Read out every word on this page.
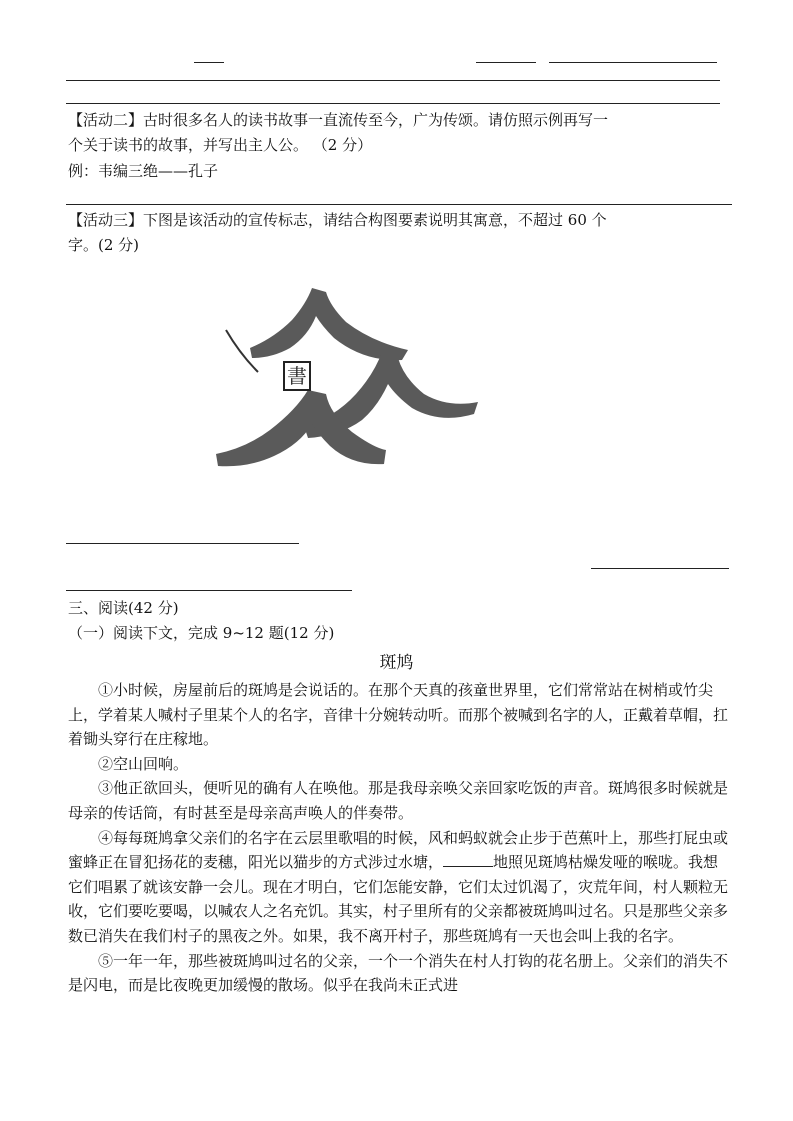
【活动二】古时很多名人的读书故事一直流传至今，广为传颂。请仿照示例再写一
个关于读书的故事，并写出主人公。 （2 分）
例：韦编三绝——孔子
【活动三】下图是该活动的宣传标志，请结合构图要素说明其寓意，不超过 60 个
字。(2 分)
書
三、阅读(42 分)
（一）阅读下文，完成 9~12 题(12 分)
斑鸠

①小时候，房屋前后的斑鸠是会说话的。在那个天真的孩童世界里，它们常常站在树梢或竹尖上，学着某人喊村子里某个人的名字，音律十分婉转动听。而那个被喊到名字的人，正戴着草帽，扛着锄头穿行在庄稼地。

②空山回响。

③他正欲回头，便听见的确有人在唤他。那是我母亲唤父亲回家吃饭的声音。斑鸠很多时候就是母亲的传话筒，有时甚至是母亲高声唤人的伴奏带。

④每每斑鸠拿父亲们的名字在云层里歌唱的时候，风和蚂蚁就会止步于芭蕉叶上，那些打屁虫或蜜蜂正在冒犯扬花的麦穗，阳光以猫步的方式涉过水塘，	地照见斑鸠枯燥发哑的喉咙。我想它们唱累了就该安静一会儿。现在才明白，它们怎能安静，它们太过饥渴了，灾荒年间，村人颗粒无收，它们要吃要喝，以喊农人之名充饥。其实，村子里所有的父亲都被斑鸠叫过名。只是那些父亲多数已消失在我们村子的黑夜之外。如果，我不离开村子，那些斑鸠有一天也会叫上我的名字。

⑤一年一年，那些被斑鸠叫过名的父亲，一个一个消失在村人打钩的花名册上。父亲们的消失不是闪电，而是比夜晚更加缓慢的散场。似乎在我尚未正式进
